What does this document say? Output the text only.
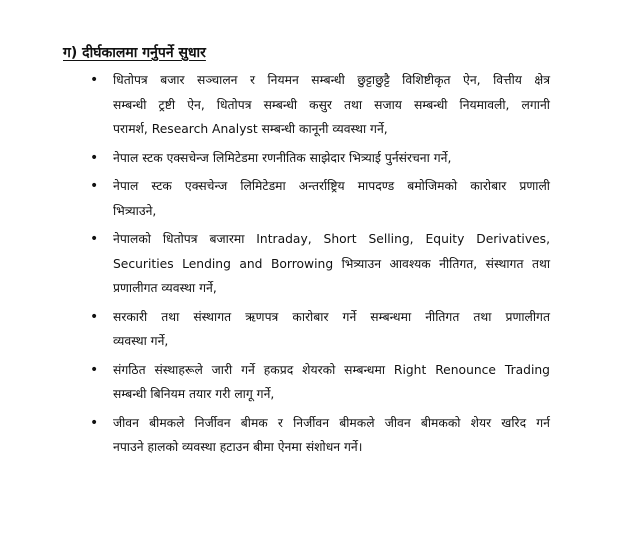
ग) दीर्घकालमा गर्नुपर्ने सुधार
•	धितोपत्र बजार सञ्चालन र नियमन सम्बन्धी छुट्टाछुट्टै विशिष्टीकृत ऐन, वित्तीय क्षेत्र
सम्बन्धी ट्रष्टी ऐन, धितोपत्र सम्बन्धी कसुर तथा सजाय सम्बन्धी नियमावली, लगानी
परामर्श, Research Analyst सम्बन्धी कानूनी व्यवस्था गर्ने,
•	नेपाल स्टक एक्सचेन्ज लिमिटेडमा रणनीतिक साझेदार भित्र्याई पुर्नसंरचना गर्ने,
•	नेपाल स्टक एक्सचेन्ज लिमिटेडमा अन्तर्राष्ट्रिय मापदण्ड बमोजिमको कारोबार प्रणाली
भित्र्याउने,
•	नेपालको धितोपत्र बजारमा Intraday, Short Selling, Equity Derivatives,
Securities Lending and Borrowing भित्र्याउन आवश्यक नीतिगत, संस्थागत तथा
प्रणालीगत व्यवस्था गर्ने,
•	सरकारी तथा संस्थागत ऋणपत्र कारोबार गर्ने सम्बन्धमा नीतिगत तथा प्रणालीगत
व्यवस्था गर्ने,
•	संगठित संस्थाहरूले जारी गर्ने हकप्रद शेयरको सम्बन्धमा Right Renounce Trading
सम्बन्धी बिनियम तयार गरी लागू गर्ने,
•	जीवन बीमकले निर्जीवन बीमक र निर्जीवन बीमकले जीवन बीमकको शेयर खरिद गर्न
नपाउने हालको व्यवस्था हटाउन बीमा ऐनमा संशोधन गर्ने।
